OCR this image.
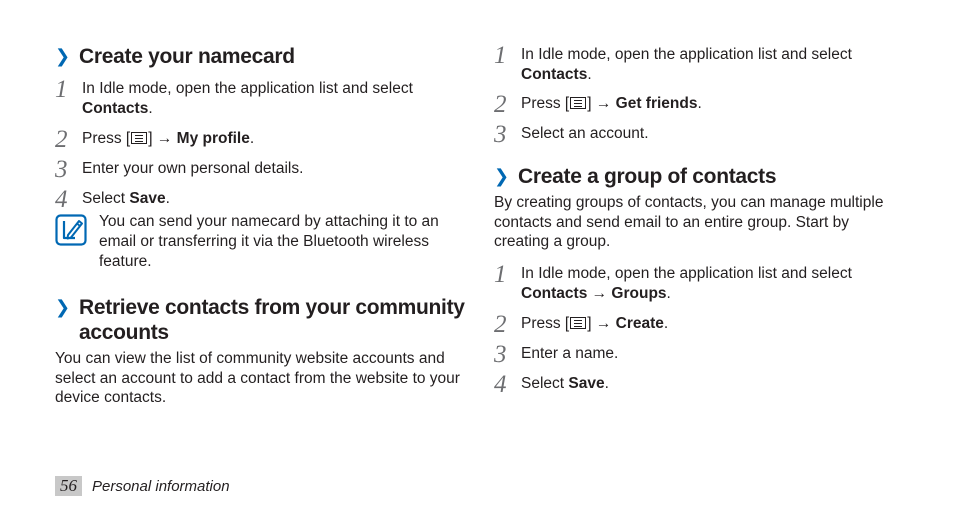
❯ Create your namecard
1 In Idle mode, open the application list and select
Contacts.
2 Press [ ] → My profile.
3 Enter your own personal details.
4 Select Save.
You can send your namecard by attaching it to an email or transferring it via the Bluetooth wireless feature.
❯ Retrieve contacts from your community
accounts
You can view the list of community website accounts and select an account to add a contact from the website to your device contacts.
1 In Idle mode, open the application list and select
Contacts.
2 Press [ ] → Get friends.
3 Select an account.
❯ Create a group of contacts
By creating groups of contacts, you can manage multiple contacts and send email to an entire group. Start by creating a group.
1 In Idle mode, open the application list and select
Contacts → Groups.
2 Press [ ] → Create.
3 Enter a name.
4 Select Save.
56	Personal information
